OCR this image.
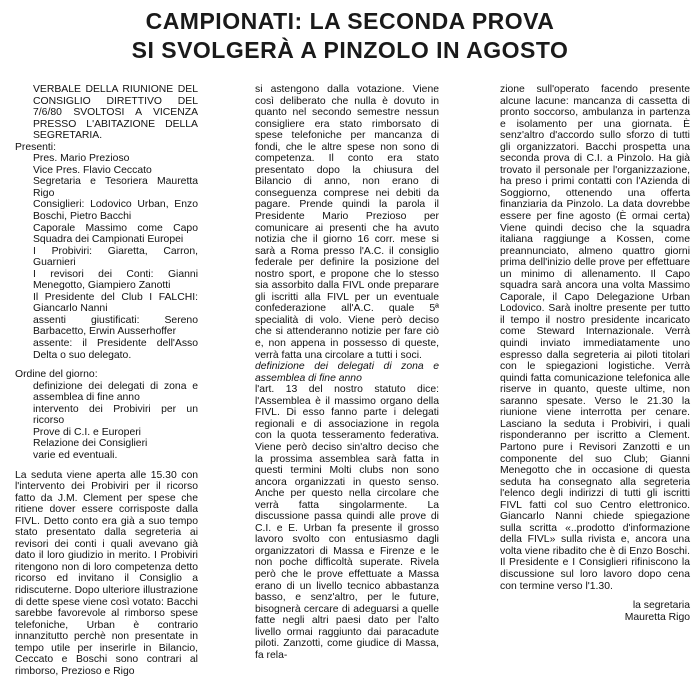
CAMPIONATI: LA SECONDA PROVA
SI SVOLGERÀ A PINZOLO IN AGOSTO

VERBALE DELLA RIUNIONE DEL CONSIGLIO DIRETTIVO DEL 7/6/80 SVOLTOSI A VICENZA PRESSO L'ABITAZIONE DELLA SEGRETARIA.

Presenti:

Pres. Mario Prezioso

Vice Pres. Flavio Ceccato

Segretaria e Tesoriera Mauretta Rigo

Consiglieri: Lodovico Urban, Enzo Boschi, Pietro Bacchi

Caporale Massimo come Capo Squadra dei Campionati Europei

I Probiviri: Giaretta, Carron, Guarnieri

I revisori dei Conti: Gianni Menegotto, Giampiero Zanotti

Il Presidente del Club I FALCHI: Giancarlo Nanni

assenti giustificati: Sereno Barbacetto, Erwin Ausserhoffer

assente: il Presidente dell'Asso Delta o suo delegato.

Ordine del giorno:

definizione dei delegati di zona e assemblea di fine anno

intervento dei Probiviri per un ricorso

Prove di C.I. e Europeri

Relazione dei Consiglieri

varie ed eventuali.

La seduta viene aperta alle 15.30 con l'intervento dei Probiviri per il ricorso fatto da J.M. Clement per spese che ritiene dover essere corrisposte dalla FIVL. Detto conto era già a suo tempo stato presentato dalla segreteria ai revisori dei conti i quali avevano già dato il loro giudizio in merito. I Probiviri ritengono non di loro competenza detto ricorso ed invitano il Consiglio a ridiscuterne. Dopo ulteriore illustrazione di dette spese viene così votato: Bacchi sarebbe favorevole al rimborso spese telefoniche, Urban è contrario innanzitutto perchè non presentate in tempo utile per inserirle in Bilancio, Ceccato e Boschi sono contrari al rimborso, Prezioso e Rigo

si astengono dalla votazione. Viene così deliberato che nulla è dovuto in quanto nel secondo semestre nessun consigliere era stato rimborsato di spese telefoniche per mancanza di fondi, che le altre spese non sono di competenza. Il conto era stato presentato dopo la chiusura del Bilancio di anno, non erano di conseguenza comprese nei debiti da pagare. Prende quindi la parola il Presidente Mario Prezioso per comunicare ai presenti che ha avuto notizia che il giorno 16 corr. mese si sarà a Roma presso l'A.C. il consiglio federale per definire la posizione del nostro sport, e propone che lo stesso sia assorbito dalla FIVL onde preparare gli iscritti alla FIVL per un eventuale confederazione all'A.C. quale 5ª specialità di volo. Viene però deciso che si attenderanno notizie per fare ciò e, non appena in possesso di queste, verrà fatta una circolare a tutti i soci.

definizione dei delegati di zona e assemblea di fine anno

l'art. 13 del nostro statuto dice: l'Assemblea è il massimo organo della FIVL. Di esso fanno parte i delegati regionali e di associazione in regola con la quota tesseramento federativa. Viene però deciso sin'altro deciso che la prossima assemblea sarà fatta in questi termini Molti clubs non sono ancora organizzati in questo senso. Anche per questo nella circolare che verrà fatta singolarmente. La discussione passa quindi alle prove di C.I. e E. Urban fa presente il grosso lavoro svolto con entusiasmo dagli organizzatori di Massa e Firenze e le non poche difficoltà superate. Rivela però che le prove effettuate a Massa erano di un livello tecnico abbastanza basso, e senz'altro, per le future, bisognerà cercare di adeguarsi a quelle fatte negli altri paesi dato per l'alto livello ormai raggiunto dai paracadute piloti. Zanzotti, come giudice di Massa, fa rela-

zione sull'operato facendo presente alcune lacune: mancanza di cassetta di pronto soccorso, ambulanza in partenza e isolamento per una giornata. È senz'altro d'accordo sullo sforzo di tutti gli organizzatori. Bacchi prospetta una seconda prova di C.I. a Pinzolo. Ha già trovato il personale per l'organizzazione, ha preso i primi contatti con l'Azienda di Soggiorno, ottenendo una offerta finanziaria da Pinzolo. La data dovrebbe essere per fine agosto (È ormai certa) Viene quindi deciso che la squadra italiana raggiunge a Kossen, come preannunciato, almeno quattro giorni prima dell'inizio delle prove per effettuare un minimo di allenamento. Il Capo squadra sarà ancora una volta Massimo Caporale, il Capo Delegazione Urban Lodovico. Sarà inoltre presente per tutto il tempo il nostro presidente incaricato come Steward Internazionale. Verrà quindi inviato immediatamente uno espresso dalla segreteria ai piloti titolari con le spiegazioni logistiche. Verrà quindi fatta comunicazione telefonica alle riserve in quanto, queste ultime, non saranno spesate. Verso le 21.30 la riunione viene interrotta per cenare. Lasciano la seduta i Probiviri, i quali risponderanno per iscritto a Clement. Partono pure i Revisori Zanzotti e un componente del suo Club; Gianni Menegotto che in occasione di questa seduta ha consegnato alla segreteria l'elenco degli indirizzi di tutti gli iscritti FIVL fatti col suo Centro elettronico. Giancarlo Nanni chiede spiegazione sulla scritta «..prodotto d'informazione della FIVL» sulla rivista e, ancora una volta viene ribadito che è di Enzo Boschi. Il Presidente e I Consiglieri rifiniscono la discussione sul loro lavoro dopo cena con termine verso l'1.30.

la segretaria

Mauretta Rigo
